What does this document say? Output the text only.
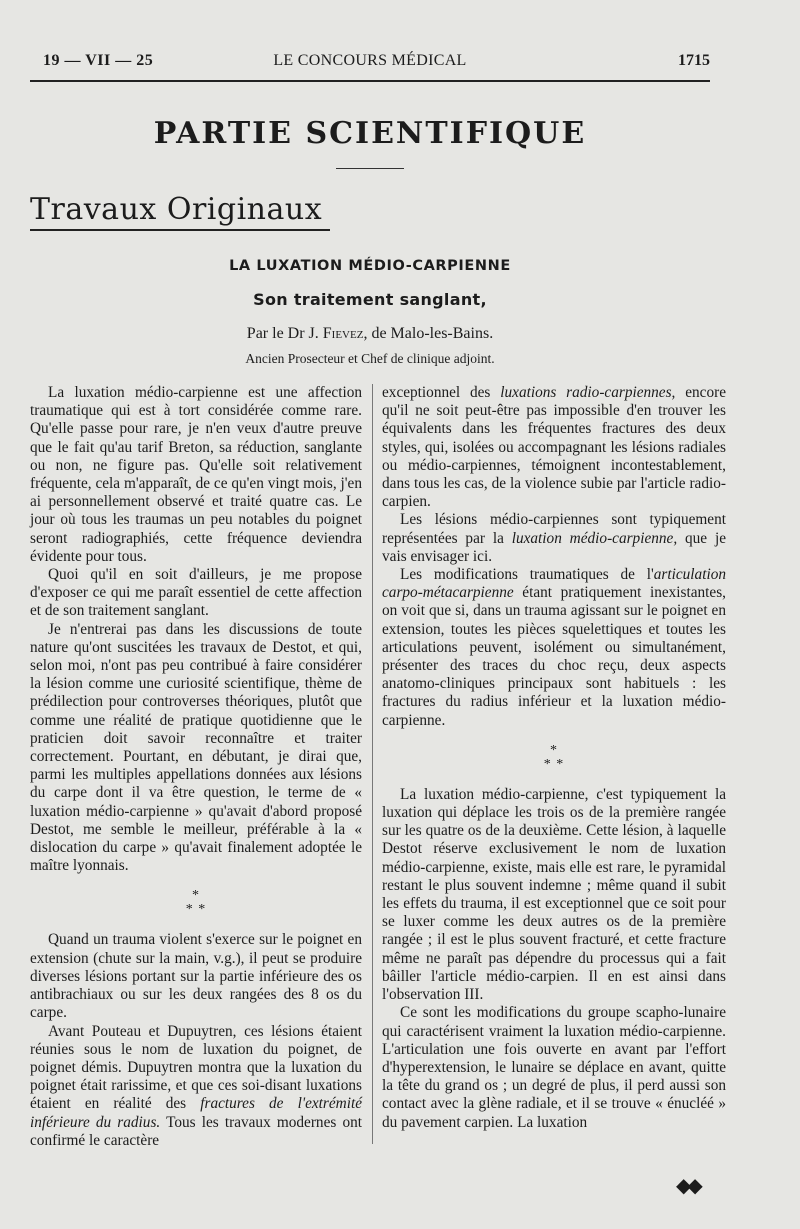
19 — VII — 25	LE CONCOURS MÉDICAL	1715
PARTIE SCIENTIFIQUE
Travaux Originaux
LA LUXATION MÉDIO-CARPIENNE
Son traitement sanglant,
Par le Dr J. Fievez, de Malo-les-Bains.
Ancien Prosecteur et Chef de clinique adjoint.

La luxation médio-carpienne est une affection traumatique qui est à tort considérée comme rare. Qu'elle passe pour rare, je n'en veux d'autre preuve que le fait qu'au tarif Breton, sa réduction, sanglante ou non, ne figure pas. Qu'elle soit relativement fréquente, cela m'apparaît, de ce qu'en vingt mois, j'en ai personnellement observé et traité quatre cas. Le jour où tous les traumas un peu notables du poignet seront radiographiés, cette fréquence deviendra évidente pour tous.

Quoi qu'il en soit d'ailleurs, je me propose d'exposer ce qui me paraît essentiel de cette affection et de son traitement sanglant.

Je n'entrerai pas dans les discussions de toute nature qu'ont suscitées les travaux de Destot, et qui, selon moi, n'ont pas peu contribué à faire considérer la lésion comme une curiosité scientifique, thème de prédilection pour controverses théoriques, plutôt que comme une réalité de pratique quotidienne que le praticien doit savoir reconnaître et traiter correctement. Pourtant, en débutant, je dirai que, parmi les multiples appellations données aux lésions du carpe dont il va être question, le terme de « luxation médio-carpienne » qu'avait d'abord proposé Destot, me semble le meilleur, préférable à la « dislocation du carpe » qu'avait finalement adoptée le maître lyonnais.

*
* *

Quand un trauma violent s'exerce sur le poignet en extension (chute sur la main, v.g.), il peut se produire diverses lésions portant sur la partie inférieure des os antibrachiaux ou sur les deux rangées des 8 os du carpe.

Avant Pouteau et Dupuytren, ces lésions étaient réunies sous le nom de luxation du poignet, de poignet démis. Dupuytren montra que la luxation du poignet était rarissime, et que ces soi-disant luxations étaient en réalité des fractures de l'extrémité inférieure du radius. Tous les travaux modernes ont confirmé le caractère

exceptionnel des luxations radio-carpiennes, encore qu'il ne soit peut-être pas impossible d'en trouver les équivalents dans les fréquentes fractures des deux styles, qui, isolées ou accompagnant les lésions radiales ou médio-carpiennes, témoignent incontestablement, dans tous les cas, de la violence subie par l'article radio-carpien.

Les lésions médio-carpiennes sont typiquement représentées par la luxation médio-carpienne, que je vais envisager ici.

Les modifications traumatiques de l'articulation carpo-métacarpienne étant pratiquement inexistantes, on voit que si, dans un trauma agissant sur le poignet en extension, toutes les pièces squelettiques et toutes les articulations peuvent, isolément ou simultanément, présenter des traces du choc reçu, deux aspects anatomo-cliniques principaux sont habituels : les fractures du radius inférieur et la luxation médio-carpienne.

*
* *

La luxation médio-carpienne, c'est typiquement la luxation qui déplace les trois os de la première rangée sur les quatre os de la deuxième. Cette lésion, à laquelle Destot réserve exclusivement le nom de luxation médio-carpienne, existe, mais elle est rare, le pyramidal restant le plus souvent indemne ; même quand il subit les effets du trauma, il est exceptionnel que ce soit pour se luxer comme les deux autres os de la première rangée ; il est le plus souvent fracturé, et cette fracture même ne paraît pas dépendre du processus qui a fait bâiller l'article médio-carpien. Il en est ainsi dans l'observation III.

Ce sont les modifications du groupe scapho-lunaire qui caractérisent vraiment la luxation médio-carpienne. L'articulation une fois ouverte en avant par l'effort d'hyperextension, le lunaire se déplace en avant, quitte la tête du grand os ; un degré de plus, il perd aussi son contact avec la glène radiale, et il se trouve « énucléé » du pavement carpien. La luxation

◆◆
